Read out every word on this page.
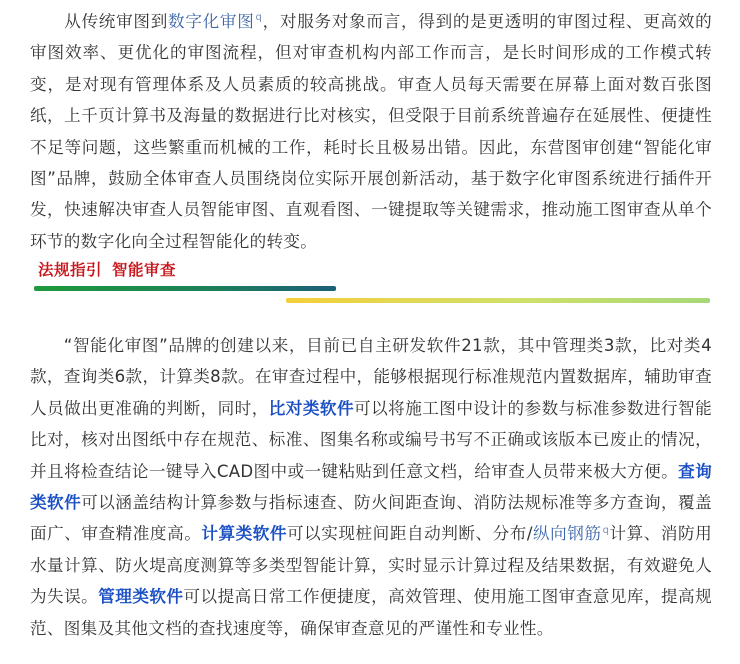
  从传统审图到数字化审图q，对服务对象而言，得到的是更透明的审图过程、更高效的审图效率、更优化的审图流程，但对审查机构内部工作而言，是长时间形成的工作模式转变，是对现有管理体系及人员素质的较高挑战。审查人员每天需要在屏幕上面对数百张图纸，上千页计算书及海量的数据进行比对核实，但受限于目前系统普遍存在延展性、便捷性不足等问题，这些繁重而机械的工作，耗时长且极易出错。因此，东营图审创建“智能化审图”品牌，鼓励全体审查人员围绕岗位实际开展创新活动，基于数字化审图系统进行插件开发，快速解决审查人员智能审图、直观看图、一键提取等关键需求，推动施工图审查从单个环节的数字化向全过程智能化的转变。

法规指引 智能审查

  “智能化审图”品牌的创建以来，目前已自主研发软件21款，其中管理类3款，比对类4款，查询类6款，计算类8款。在审查过程中，能够根据现行标准规范内置数据库，辅助审查人员做出更准确的判断，同时，比对类软件可以将施工图中设计的参数与标准参数进行智能比对，核对出图纸中存在规范、标准、图集名称或编号书写不正确或该版本已废止的情况，并且将检查结论一键导入CAD图中或一键粘贴到任意文档，给审查人员带来极大方便。查询类软件可以涵盖结构计算参数与指标速查、防火间距查询、消防法规标准等多方查询，覆盖面广、审查精准度高。计算类软件可以实现桩间距自动判断、分布/纵向钢筋q计算、消防用水量计算、防火堤高度测算等多类型智能计算，实时显示计算过程及结果数据，有效避免人为失误。管理类软件可以提高日常工作便捷度，高效管理、使用施工图审查意见库，提高规范、图集及其他文档的查找速度等，确保审查意见的严谨性和专业性。
